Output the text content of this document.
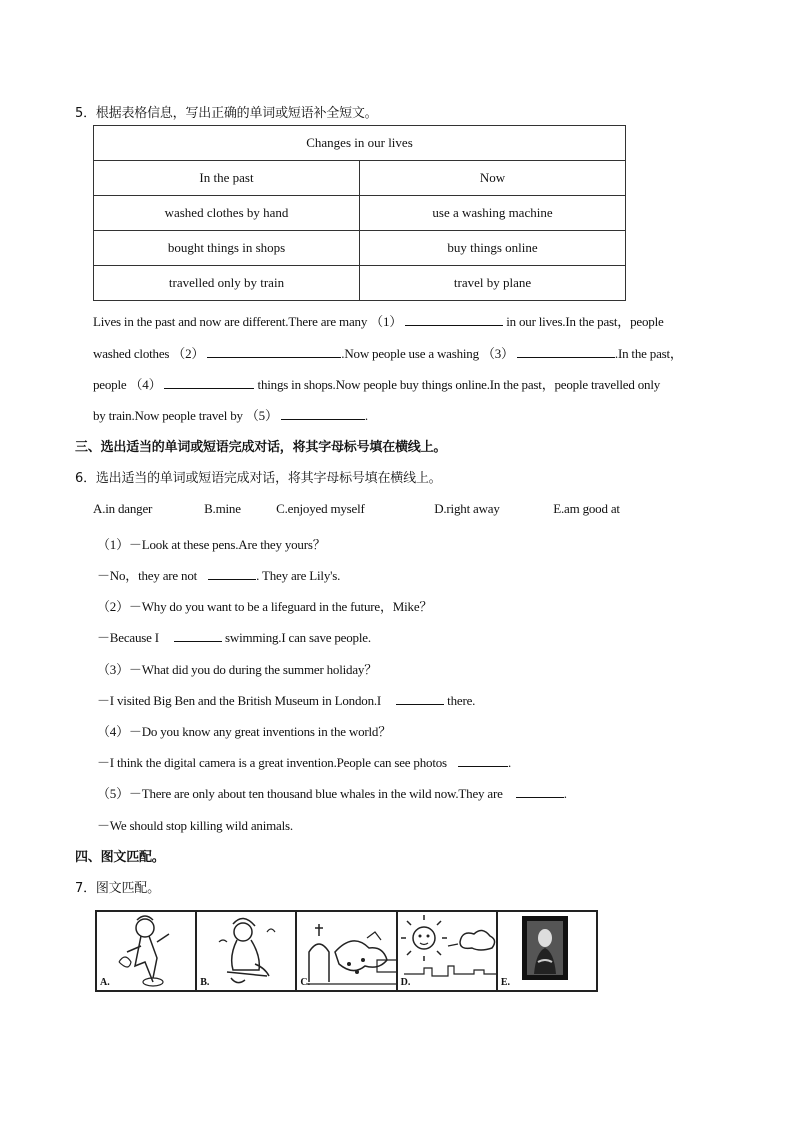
5．根据表格信息，写出正确的单词或短语补全短文。
Changes in our lives	
In the past	Now
washed clothes by hand	use a washing machine
bought things in shops	buy things online
travelled only by train	travel by plane
Lives in the past and now are different.There are many （1）	in our lives.In the past，people
washed clothes （2）	.Now people use a washing （3）	.In the past，
people （4）	things in shops.Now people buy things online.In the past，people travelled only
by train.Now people travel by （5）	.
三、选出适当的单词或短语完成对话，将其字母标号填在横线上。
6．选出适当的单词或短语完成对话，将其字母标号填在横线上。
A.in danger	B.mine	C.enjoyed myself	D.right away	E.am good at
（1）－Look at these pens.Are they yours？
－No，they are not	. They are Lily's.
（2）－Why do you want to be a lifeguard in the future，Mike？
－Because I	swimming.I can save people.
（3）－What did you do during the summer holiday？
－I visited Big Ben and the British Museum in London.I	there.
（4）－Do you know any great inventions in the world？
－I think the digital camera is a great invention.People can see photos	.
（5）－There are only about ten thousand blue whales in the wild now.They are	.
－We should stop killing wild animals.
四、图文匹配。
7．图文匹配。
A.	B.	C.	D.	E.
